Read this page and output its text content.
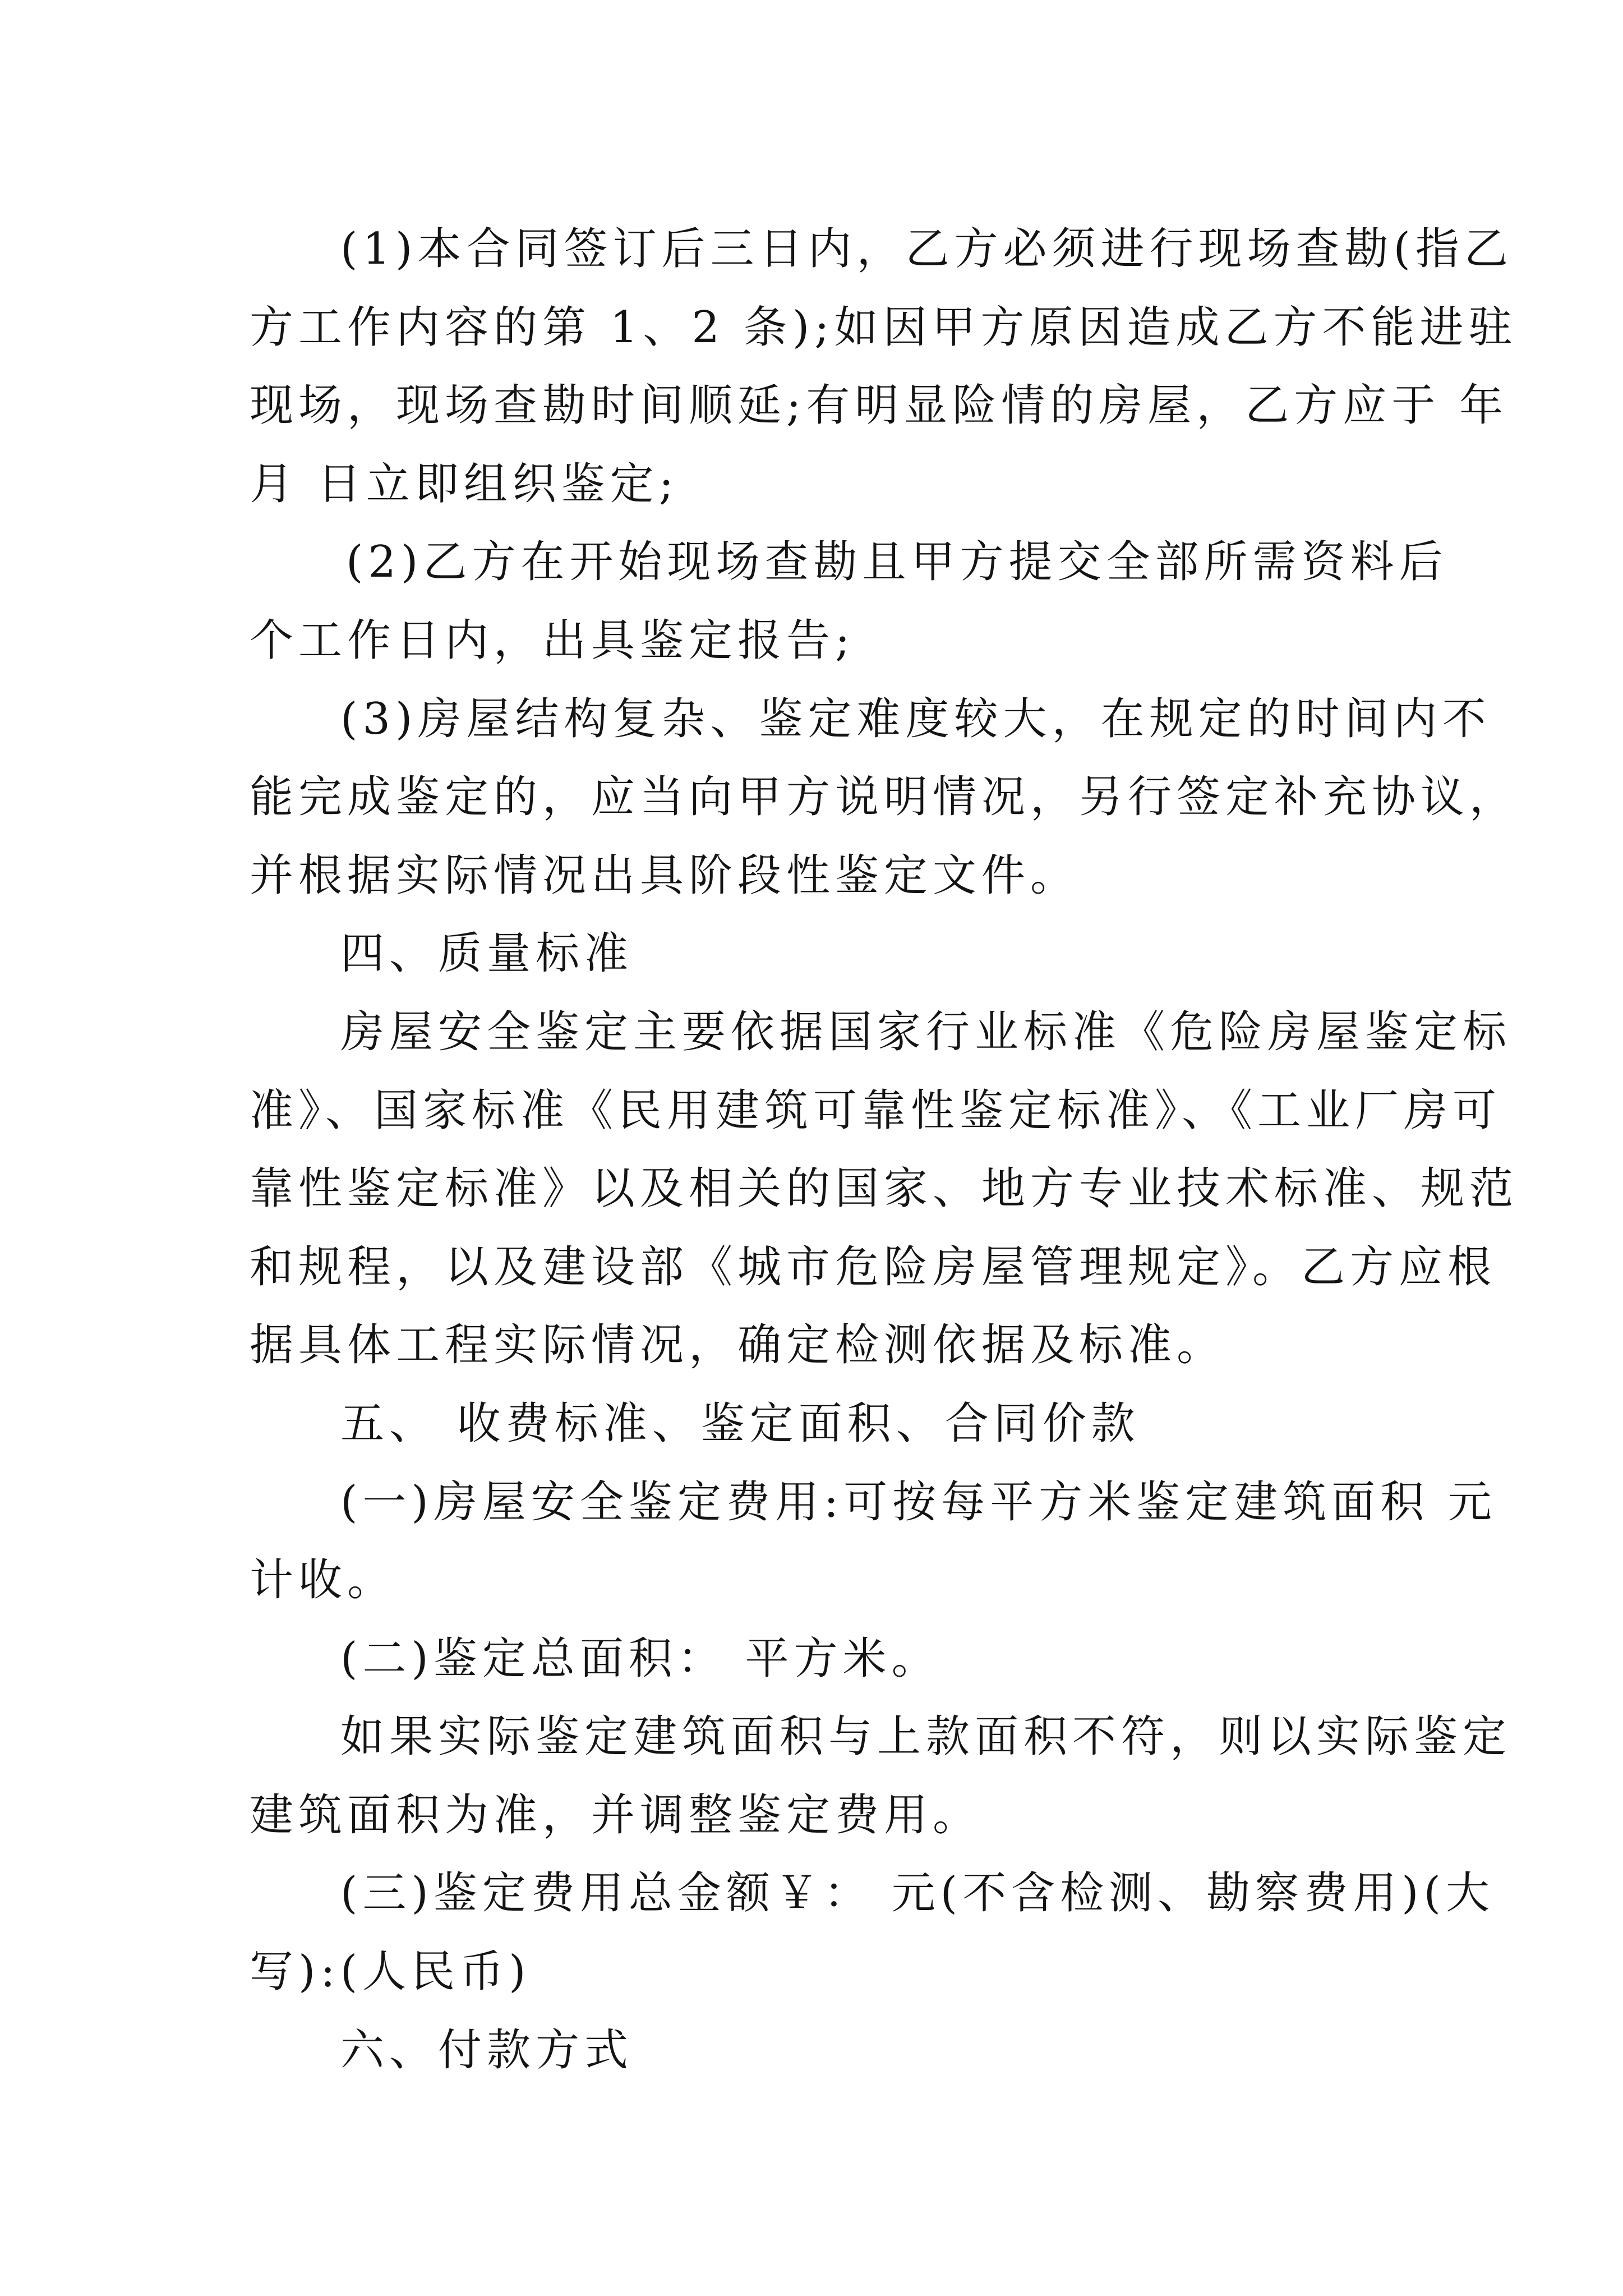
(1)本合同签订后三日内，乙方必须进行现场查勘(指乙
方工作内容的第 1、2 条);如因甲方原因造成乙方不能进驻
现场，现场查勘时间顺延;有明显险情的房屋，乙方应于 年
月 日立即组织鉴定;
(2)乙方在开始现场查勘且甲方提交全部所需资料后
个工作日内，出具鉴定报告;
(3)房屋结构复杂、鉴定难度较大，在规定的时间内不
能完成鉴定的，应当向甲方说明情况，另行签定补充协议，
并根据实际情况出具阶段性鉴定文件。
四、质量标准
房屋安全鉴定主要依据国家行业标准《危险房屋鉴定标
准》、国家标准《民用建筑可靠性鉴定标准》、《工业厂房可
靠性鉴定标准》以及相关的国家、地方专业技术标准、规范
和规程，以及建设部《城市危险房屋管理规定》。乙方应根
据具体工程实际情况，确定检测依据及标准。
五、 收费标准、鉴定面积、合同价款
(一)房屋安全鉴定费用:可按每平方米鉴定建筑面积 元
计收。
(二)鉴定总面积： 平方米。
如果实际鉴定建筑面积与上款面积不符，则以实际鉴定
建筑面积为准，并调整鉴定费用。
(三)鉴定费用总金额￥： 元(不含检测、勘察费用)(大
写):(人民币)
六、付款方式
